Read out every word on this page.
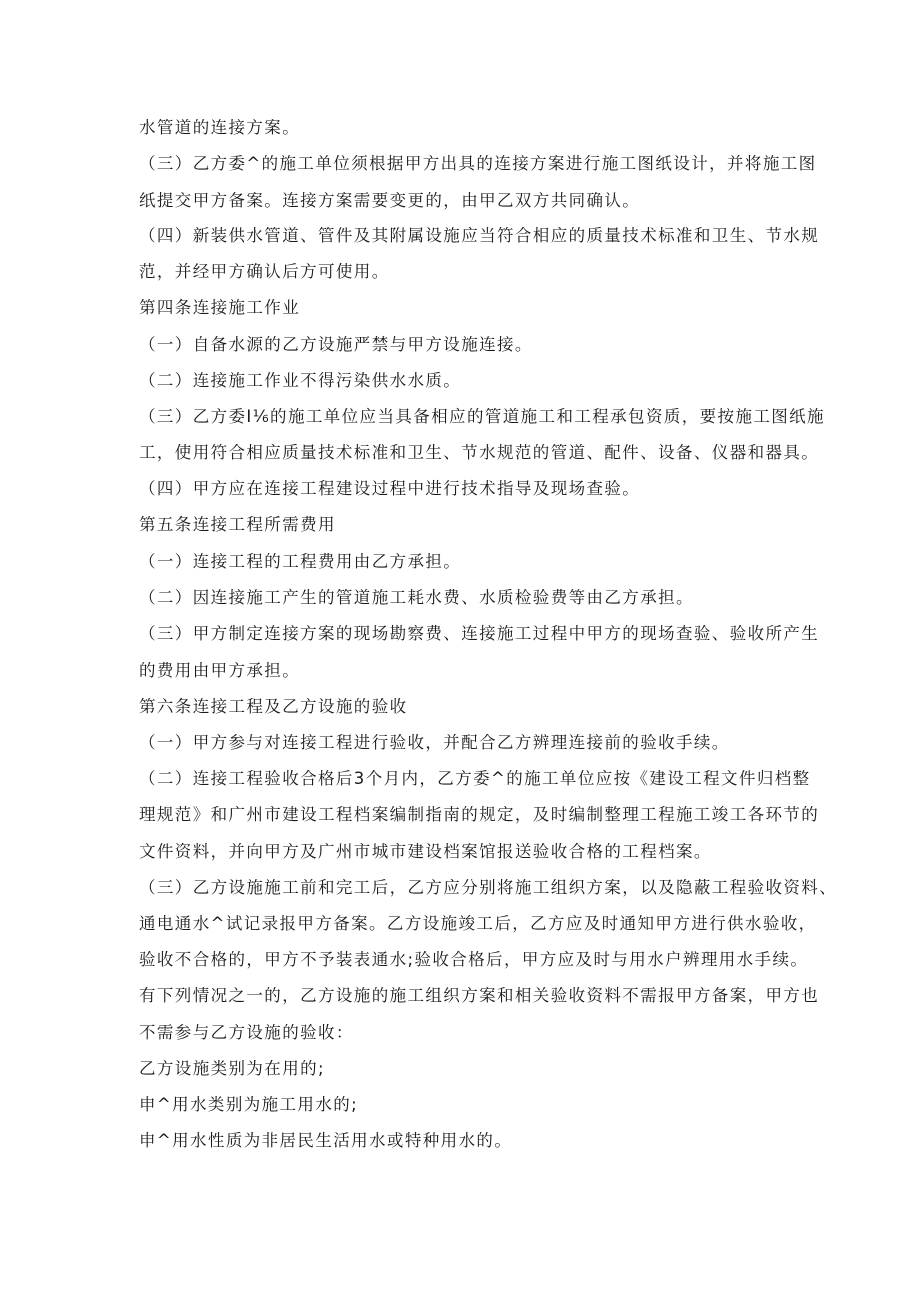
水管道的连接方案。
（三）乙方委^的施工单位须根据甲方出具的连接方案进行施工图纸设计，并将施工图
纸提交甲方备案。连接方案需要变更的，由甲乙双方共同确认。
（四）新装供水管道、管件及其附属设施应当符合相应的质量技术标准和卫生、节水规
范，并经甲方确认后方可使用。
第四条连接施工作业
（一）自备水源的乙方设施严禁与甲方设施连接。
（二）连接施工作业不得污染供水水质。
（三）乙方委I⅙的施工单位应当具备相应的管道施工和工程承包资质，要按施工图纸施
工，使用符合相应质量技术标准和卫生、节水规范的管道、配件、设备、仪器和器具。
（四）甲方应在连接工程建设过程中进行技术指导及现场查验。
第五条连接工程所需费用
（一）连接工程的工程费用由乙方承担。
（二）因连接施工产生的管道施工耗水费、水质检验费等由乙方承担。
（三）甲方制定连接方案的现场勘察费、连接施工过程中甲方的现场查验、验收所产生
的费用由甲方承担。
第六条连接工程及乙方设施的验收
（一）甲方参与对连接工程进行验收，并配合乙方辨理连接前的验收手续。
（二）连接工程验收合格后3个月内，乙方委^的施工单位应按《建设工程文件归档整
理规范》和广州市建设工程档案编制指南的规定，及时编制整理工程施工竣工各环节的
文件资料，并向甲方及广州市城市建设档案馆报送验收合格的工程档案。
（三）乙方设施施工前和完工后，乙方应分别将施工组织方案，以及隐蔽工程验收资料、
通电通水^试记录报甲方备案。乙方设施竣工后，乙方应及时通知甲方进行供水验收，
验收不合格的，甲方不予装表通水;验收合格后，甲方应及时与用水户辨理用水手续。
有下列情况之一的，乙方设施的施工组织方案和相关验收资料不需报甲方备案，甲方也
不需参与乙方设施的验收：
乙方设施类别为在用的;
申^用水类别为施工用水的;
申^用水性质为非居民生活用水或特种用水的。
